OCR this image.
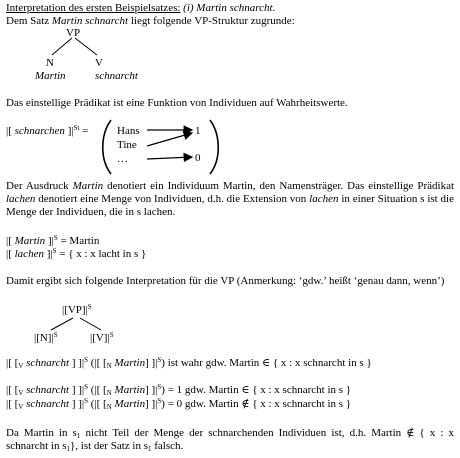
Interpretation des ersten Beispielsatzes: (i) Martin schnarcht.
Dem Satz Martin schnarcht liegt folgende VP-Struktur zugrunde:
VP
N	V
Martin	schnarcht
Das einstellige Prädikat ist eine Funktion von Individuen auf Wahrheitswerte.
|[ schnarchen ]$|^{St}$ =	Hans
Tine
…
1
0
Der Ausdruck Martin denotiert ein Individuum Martin, den Namensträger. Das einstellige Prädikat lachen denotiert eine Menge von Individuen, d.h. die Extension von lachen in einer Situation s ist die Menge der Individuen, die in s lachen.
|[ Martin ]$|^S$ = Martin
|[ lachen ]$|^S$ = { x : x lacht in s }
Damit ergibt sich folgende Interpretation für die VP (Anmerkung: ‘gdw.’ heißt ‘genau dann, wenn’)
$|[VP]|^S$
$|[N]|^S$	$|[V]|^S$
|[ [$_V$ schnarcht ] ]$|^S$ (|[ [$_N$ Martin] ]$|^S$) ist wahr gdw. Martin ∈ { x : x schnarcht in s }
|[ [$_V$ schnarcht ] ]$|^S$ (|[ [$_N$ Martin] ]$|^S) = 1$ gdw. Martin ∈ { x : x schnarcht in s }
|[ [$_V$ schnarcht ] ]$|^S$ (|[ [$_N$ Martin] ]$|^S) = 0$ gdw. Martin ∉ { x : x schnarcht in s }
Da Martin in $s_1$ nicht Teil der Menge der schnarchenden Individuen ist, d.h. Martin ∉ { x : x schnarcht in $s_1$}, ist der Satz in $s_1$ falsch.
